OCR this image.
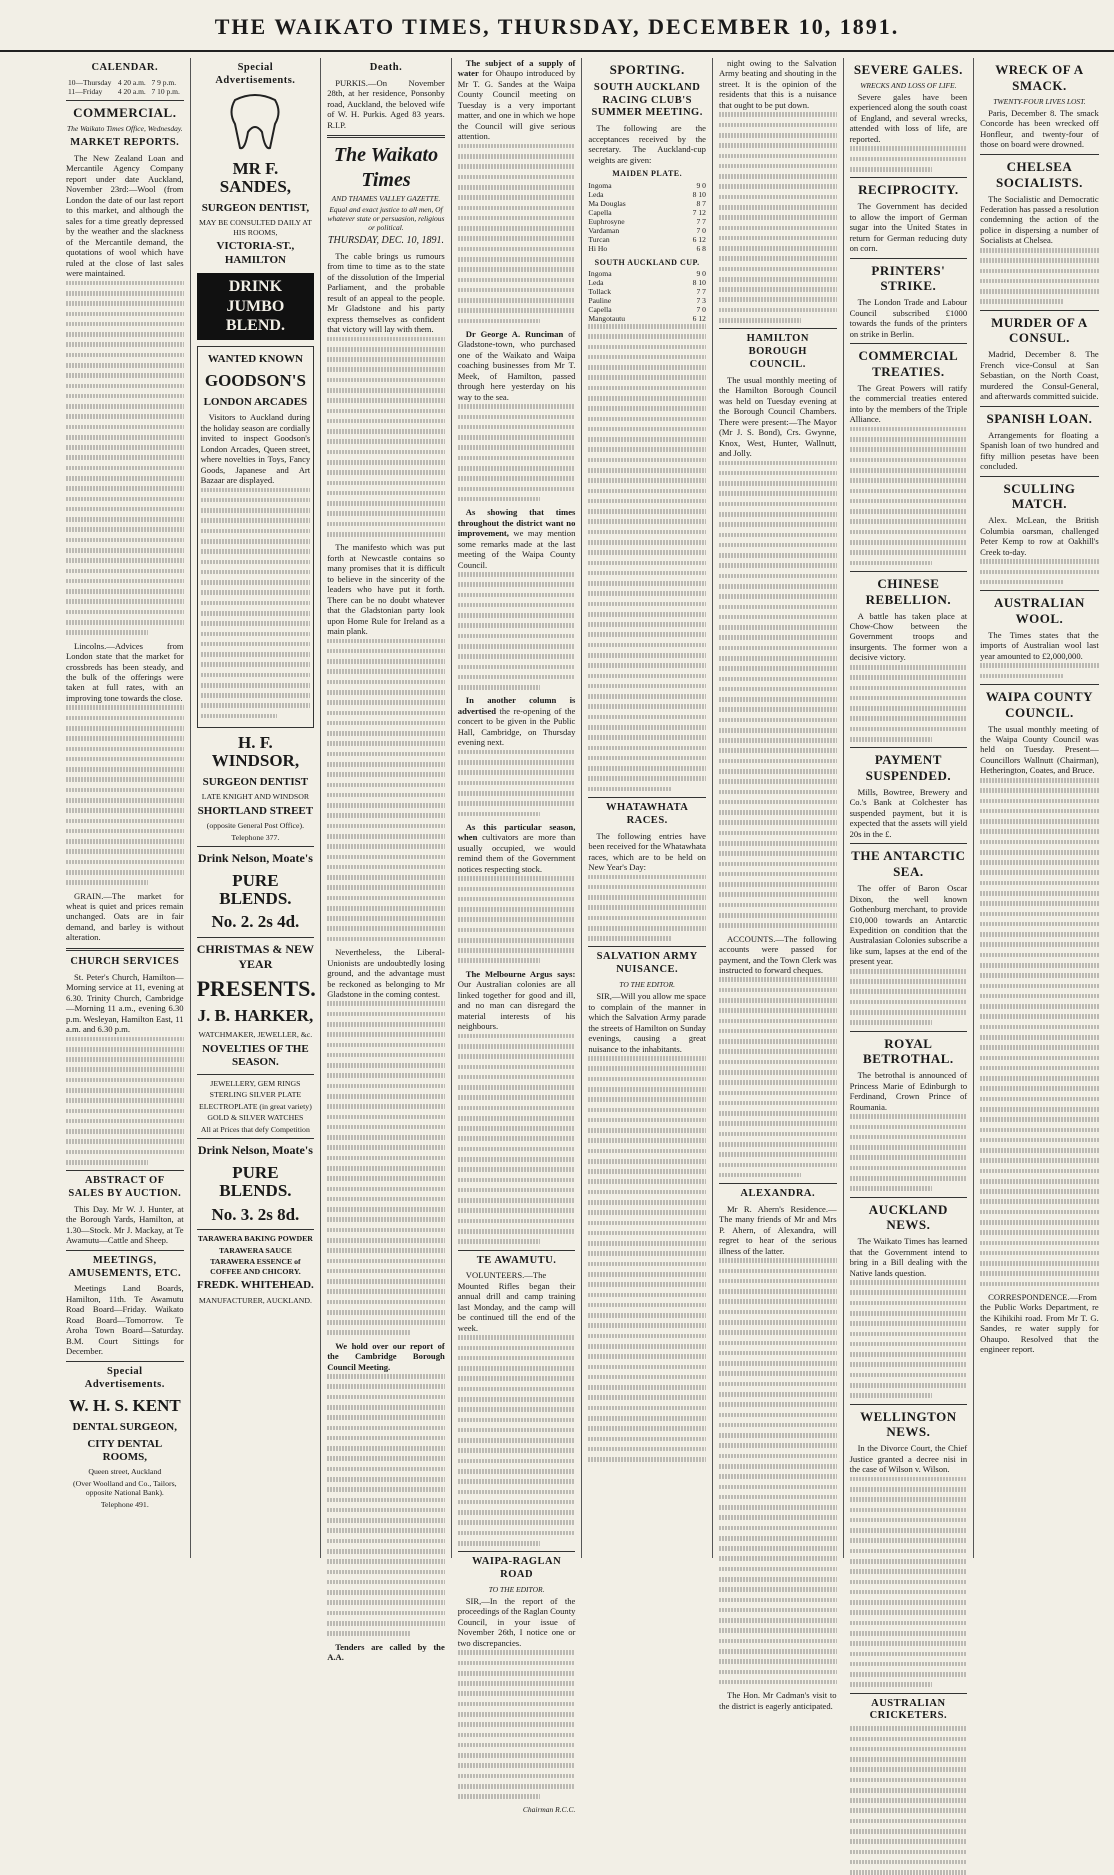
THE WAIKATO TIMES, THURSDAY, DECEMBER 10, 1891.
CALENDAR.
10—Thursday	4 20 a.m.	7 9 p.m.
11—Friday	4 20 a.m.	7 10 p.m.
COMMERCIAL.
The Waikato Times Office, Wednesday.
MARKET REPORTS.

The New Zealand Loan and Mercantile Agency Company report under date Auckland, November 23rd:—Wool (from London the date of our last report to this market, and although the sales for a time greatly depressed by the weather and the slackness of the Mercantile demand, the quotations of wool which have ruled at the close of last sales were maintained.

Lincolns.—Advices from London state that the market for crossbreds has been steady, and the bulk of the offerings were taken at full rates, with an improving tone towards the close.

GRAIN.—The market for wheat is quiet and prices remain unchanged. Oats are in fair demand, and barley is without alteration.

CHURCH SERVICES

St. Peter's Church, Hamilton—Morning service at 11, evening at 6.30. Trinity Church, Cambridge—Morning 11 a.m., evening 6.30 p.m. Wesleyan, Hamilton East, 11 a.m. and 6.30 p.m.

ABSTRACT OF SALES BY AUCTION.

This Day. Mr W. J. Hunter, at the Borough Yards, Hamilton, at 1.30—Stock. Mr J. Mackay, at Te Awamutu—Cattle and Sheep.

MEETINGS, AMUSEMENTS, ETC.

Meetings Land Boards, Hamilton, 11th. Te Awamutu Road Board—Friday. Waikato Road Board—Tomorrow. Te Aroha Town Board—Saturday. B.M. Court Sittings for December.

Special Advertisements.
W. H. S. KENT
DENTAL SURGEON,
CITY DENTAL ROOMS,
Queen street, Auckland
(Over Woolland and Co., Tailors, opposite National Bank).
Telephone 491.
Special Advertisements.
MR F. SANDES,
SURGEON DENTIST,
MAY BE CONSULTED DAILY AT HIS ROOMS,
VICTORIA-ST., HAMILTON
DRINK JUMBO BLEND.
WANTED KNOWN
GOODSON'S
LONDON ARCADES

Visitors to Auckland during the holiday season are cordially invited to inspect Goodson's London Arcades, Queen street, where novelties in Toys, Fancy Goods, Japanese and Art Bazaar are displayed.

H. F. WINDSOR,
SURGEON DENTIST
LATE KNIGHT AND WINDSOR
SHORTLAND STREET
(opposite General Post Office).
Telephone 377.
Drink Nelson, Moate's
PURE BLENDS.
No. 2. 2s 4d.
CHRISTMAS & NEW YEAR
PRESENTS.
J. B. HARKER,
WATCHMAKER, JEWELLER, &c.
NOVELTIES OF THE SEASON.
JEWELLERY, GEM RINGS
STERLING SILVER PLATE
ELECTROPLATE (in great variety)
GOLD & SILVER WATCHES
All at Prices that defy Competition
Drink Nelson, Moate's
PURE BLENDS.
No. 3. 2s 8d.
TARAWERA BAKING POWDER
TARAWERA SAUCE
TARAWERA ESSENCE of COFFEE AND CHICORY.
FREDK. WHITEHEAD.
MANUFACTURER, AUCKLAND.
Death.

PURKIS.—On November 28th, at her residence, Ponsonby road, Auckland, the beloved wife of W. H. Purkis. Aged 83 years. R.I.P.

The Waikato Times
AND THAMES VALLEY GAZETTE.
Equal and exact justice to all men, Of whatever state or persuasion, religious or political.
THURSDAY, DEC. 10, 1891.

The cable brings us rumours from time to time as to the state of the dissolution of the Imperial Parliament, and the probable result of an appeal to the people. Mr Gladstone and his party express themselves as confident that victory will lay with them.

The manifesto which was put forth at Newcastle contains so many promises that it is difficult to believe in the sincerity of the leaders who have put it forth. There can be no doubt whatever that the Gladstonian party look upon Home Rule for Ireland as a main plank.

Nevertheless, the Liberal-Unionists are undoubtedly losing ground, and the advantage must be reckoned as belonging to Mr Gladstone in the coming contest.

We hold over our report of the Cambridge Borough Council Meeting.

Tenders are called by the A.A.

The subject of a supply of water for Ohaupo introduced by Mr T. G. Sandes at the Waipa County Council meeting on Tuesday is a very important matter, and one in which we hope the Council will give serious attention.

Dr George A. Runciman of Gladstone-town, who purchased one of the Waikato and Waipa coaching businesses from Mr T. Meek, of Hamilton, passed through here yesterday on his way to the sea.

As showing that times throughout the district want no improvement, we may mention some remarks made at the last meeting of the Waipa County Council.

In another column is advertised the re-opening of the concert to be given in the Public Hall, Cambridge, on Thursday evening next.

As this particular season, when cultivators are more than usually occupied, we would remind them of the Government notices respecting stock.

The Melbourne Argus says: Our Australian colonies are all linked together for good and ill, and no man can disregard the material interests of his neighbours.

TE AWAMUTU.

VOLUNTEERS.—The Mounted Rifles began their annual drill and camp training last Monday, and the camp will be continued till the end of the week.

WAIPA-RAGLAN ROAD
TO THE EDITOR.

SIR,—In the report of the proceedings of the Raglan County Council, in your issue of November 26th, I notice one or two discrepancies.

Chairman R.C.C.
SPORTING.
SOUTH AUCKLAND RACING CLUB'S SUMMER MEETING.

The following are the acceptances received by the secretary. The Auckland-cup weights are given:

MAIDEN PLATE.
Ingoma	9 0
Leda	8 10
Ma Douglas	8 7
Capella	7 12
Euphrosyne	7 7
Vardaman	7 0
Turcan	6 12
Hi Ho	6 8
SOUTH AUCKLAND CUP.
Ingoma	9 0
Leda	8 10
Tollack	7 7
Pauline	7 3
Capella	7 0
Mangotautu	6 12
WHATAWHATA RACES.

The following entries have been received for the Whatawhata races, which are to be held on New Year's Day:

SALVATION ARMY NUISANCE.
TO THE EDITOR.

SIR,—Will you allow me space to complain of the manner in which the Salvation Army parade the streets of Hamilton on Sunday evenings, causing a great nuisance to the inhabitants.

night owing to the Salvation Army beating and shouting in the street. It is the opinion of the residents that this is a nuisance that ought to be put down.

HAMILTON BOROUGH COUNCIL.

The usual monthly meeting of the Hamilton Borough Council was held on Tuesday evening at the Borough Council Chambers. There were present:—The Mayor (Mr J. S. Bond), Crs. Gwynne, Knox, West, Hunter, Wallnutt, and Jolly.

ACCOUNTS.—The following accounts were passed for payment, and the Town Clerk was instructed to forward cheques.

ALEXANDRA.

Mr R. Ahern's Residence.—The many friends of Mr and Mrs P. Ahern, of Alexandra, will regret to hear of the serious illness of the latter.

The Hon. Mr Cadman's visit to the district is eagerly anticipated.

SEVERE GALES.
WRECKS AND LOSS OF LIFE.

Severe gales have been experienced along the south coast of England, and several wrecks, attended with loss of life, are reported.

RECIPROCITY.

The Government has decided to allow the import of German sugar into the United States in return for German reducing duty on corn.

PRINTERS' STRIKE.

The London Trade and Labour Council subscribed £1000 towards the funds of the printers on strike in Berlin.

COMMERCIAL TREATIES.

The Great Powers will ratify the commercial treaties entered into by the members of the Triple Alliance.

CHINESE REBELLION.

A battle has taken place at Chow-Chow between the Government troops and insurgents. The former won a decisive victory.

PAYMENT SUSPENDED.

Mills, Bowtree, Brewery and Co.'s Bank at Colchester has suspended payment, but it is expected that the assets will yield 20s in the £.

THE ANTARCTIC SEA.

The offer of Baron Oscar Dixon, the well known Gothenburg merchant, to provide £10,000 towards an Antarctic Expedition on condition that the Australasian Colonies subscribe a like sum, lapses at the end of the present year.

ROYAL BETROTHAL.

The betrothal is announced of Princess Marie of Edinburgh to Ferdinand, Crown Prince of Roumania.

AUCKLAND NEWS.

The Waikato Times has learned that the Government intend to bring in a Bill dealing with the Native lands question.

WELLINGTON NEWS.

In the Divorce Court, the Chief Justice granted a decree nisi in the case of Wilson v. Wilson.

AUSTRALIAN CRICKETERS.
WRECK OF A SMACK.
TWENTY-FOUR LIVES LOST.

Paris, December 8. The smack Concorde has been wrecked off Honfleur, and twenty-four of those on board were drowned.

CHELSEA SOCIALISTS.

The Socialistic and Democratic Federation has passed a resolution condemning the action of the police in dispersing a number of Socialists at Chelsea.

MURDER OF A CONSUL.

Madrid, December 8. The French vice-Consul at San Sebastian, on the North Coast, murdered the Consul-General, and afterwards committed suicide.

SPANISH LOAN.

Arrangements for floating a Spanish loan of two hundred and fifty million pesetas have been concluded.

SCULLING MATCH.

Alex. McLean, the British Columbia oarsman, challenged Peter Kemp to row at Oakhill's Creek to-day.

AUSTRALIAN WOOL.

The Times states that the imports of Australian wool last year amounted to £2,000,000.

WAIPA COUNTY COUNCIL.

The usual monthly meeting of the Waipa County Council was held on Tuesday. Present—Councillors Wallnutt (Chairman), Hetherington, Coates, and Bruce.

CORRESPONDENCE.—From the Public Works Department, re the Kihikihi road. From Mr T. G. Sandes, re water supply for Ohaupo. Resolved that the engineer report.
